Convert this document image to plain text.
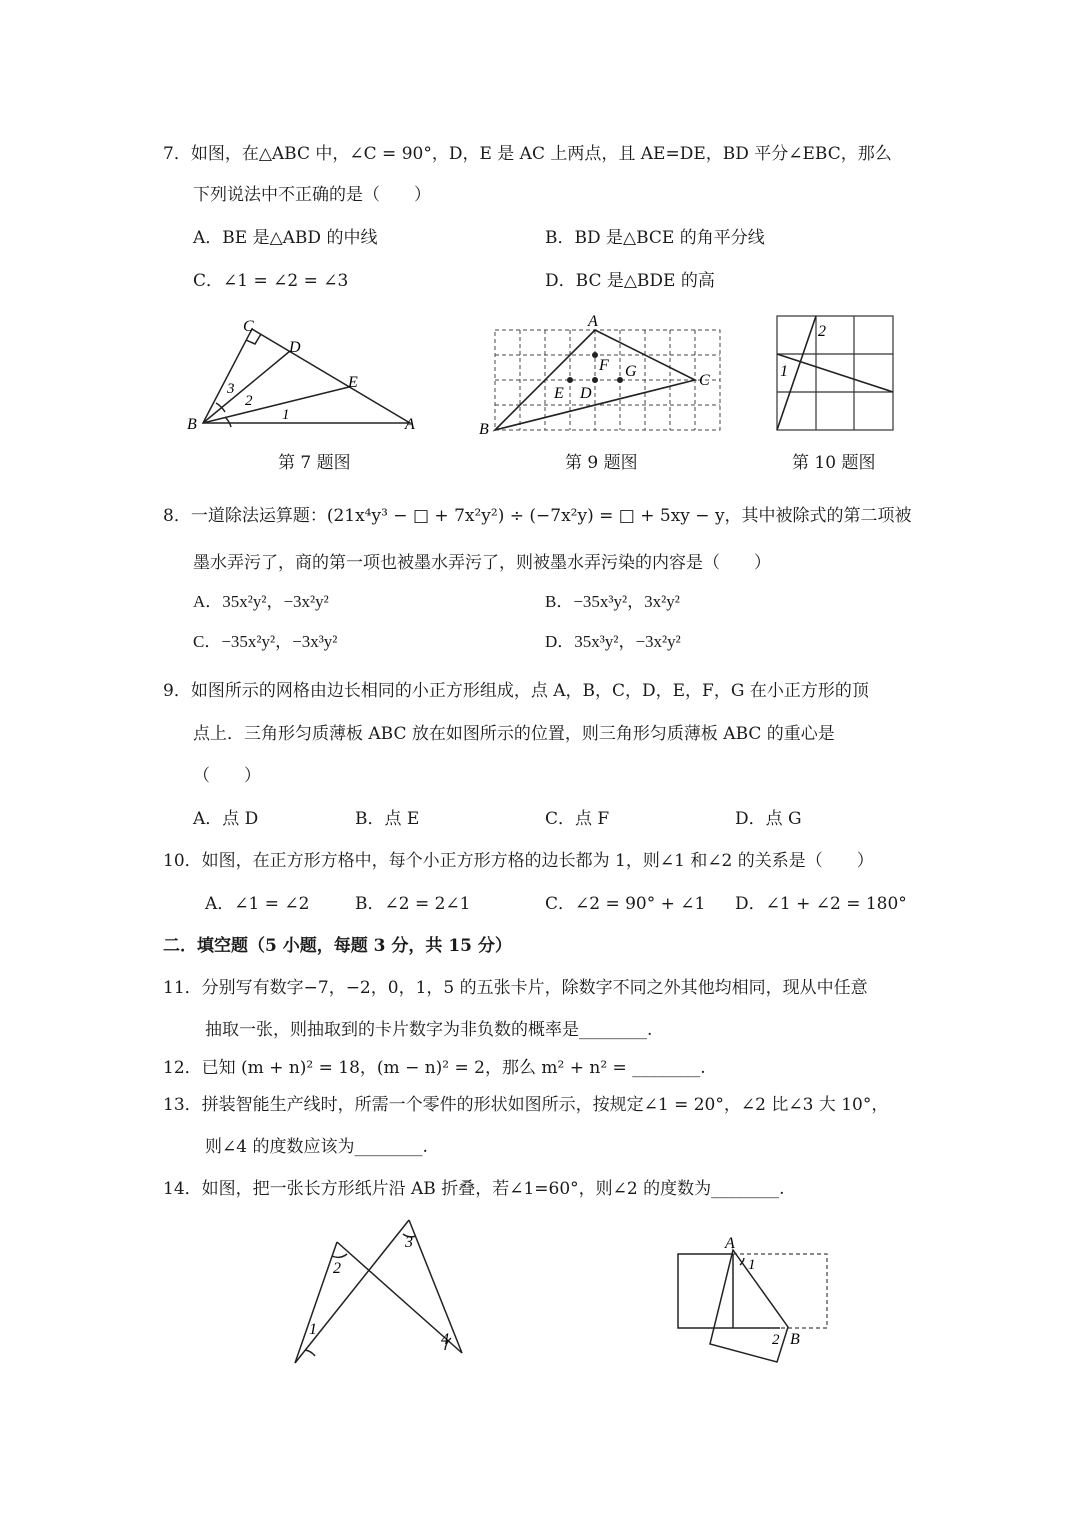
7．如图，在△ABC 中，∠C = 90°，D，E 是 AC 上两点，且 AE=DE，BD 平分∠EBC，那么
下列说法中不正确的是（　　）
A．BE 是△ABD 的中线	B．BD 是△BCE 的角平分线
C．∠1 = ∠2 = ∠3	D．BC 是△BDE 的高
C
D
E
B	A
3
2
1
A
B
C
F G
E D
1
2
第 7 题图	第 9 题图	第 10 题图
8．一道除法运算题：(21x⁴y³ − □ + 7x²y²) ÷ (−7x²y) = □ + 5xy − y，其中被除式的第二项被
墨水弄污了，商的第一项也被墨水弄污了，则被墨水弄污染的内容是（　　）
A．35x²y²，−3x²y²	B．−35x³y²，3x²y²
C．−35x²y²，−3x³y²	D．35x³y²，−3x²y²
9．如图所示的网格由边长相同的小正方形组成，点 A，B，C，D，E，F，G 在小正方形的顶
点上．三角形匀质薄板 ABC 放在如图所示的位置，则三角形匀质薄板 ABC 的重心是
（　　）
A．点 D	B．点 E	C．点 F	D．点 G
10．如图，在正方形方格中，每个小正方形方格的边长都为 1，则∠1 和∠2 的关系是（　　）
A．∠1 = ∠2	B．∠2 = 2∠1	C．∠2 = 90° + ∠1 D．∠1 + ∠2 = 180°
二．填空题（5 小题，每题 3 分，共 15 分）
11．分别写有数字−7，−2，0，1，5 的五张卡片，除数字不同之外其他均相同，现从中任意
抽取一张，则抽取到的卡片数字为非负数的概率是________.
12．已知 (m + n)² = 18，(m − n)² = 2，那么 m² + n² = ________.
13．拼装智能生产线时，所需一个零件的形状如图所示，按规定∠1 = 20°，∠2 比∠3 大 10°，
则∠4 的度数应该为________.
14．如图，把一张长方形纸片沿 AB 折叠，若∠1=60°，则∠2 的度数为________.
1
2
3
4
A
1
2 B
